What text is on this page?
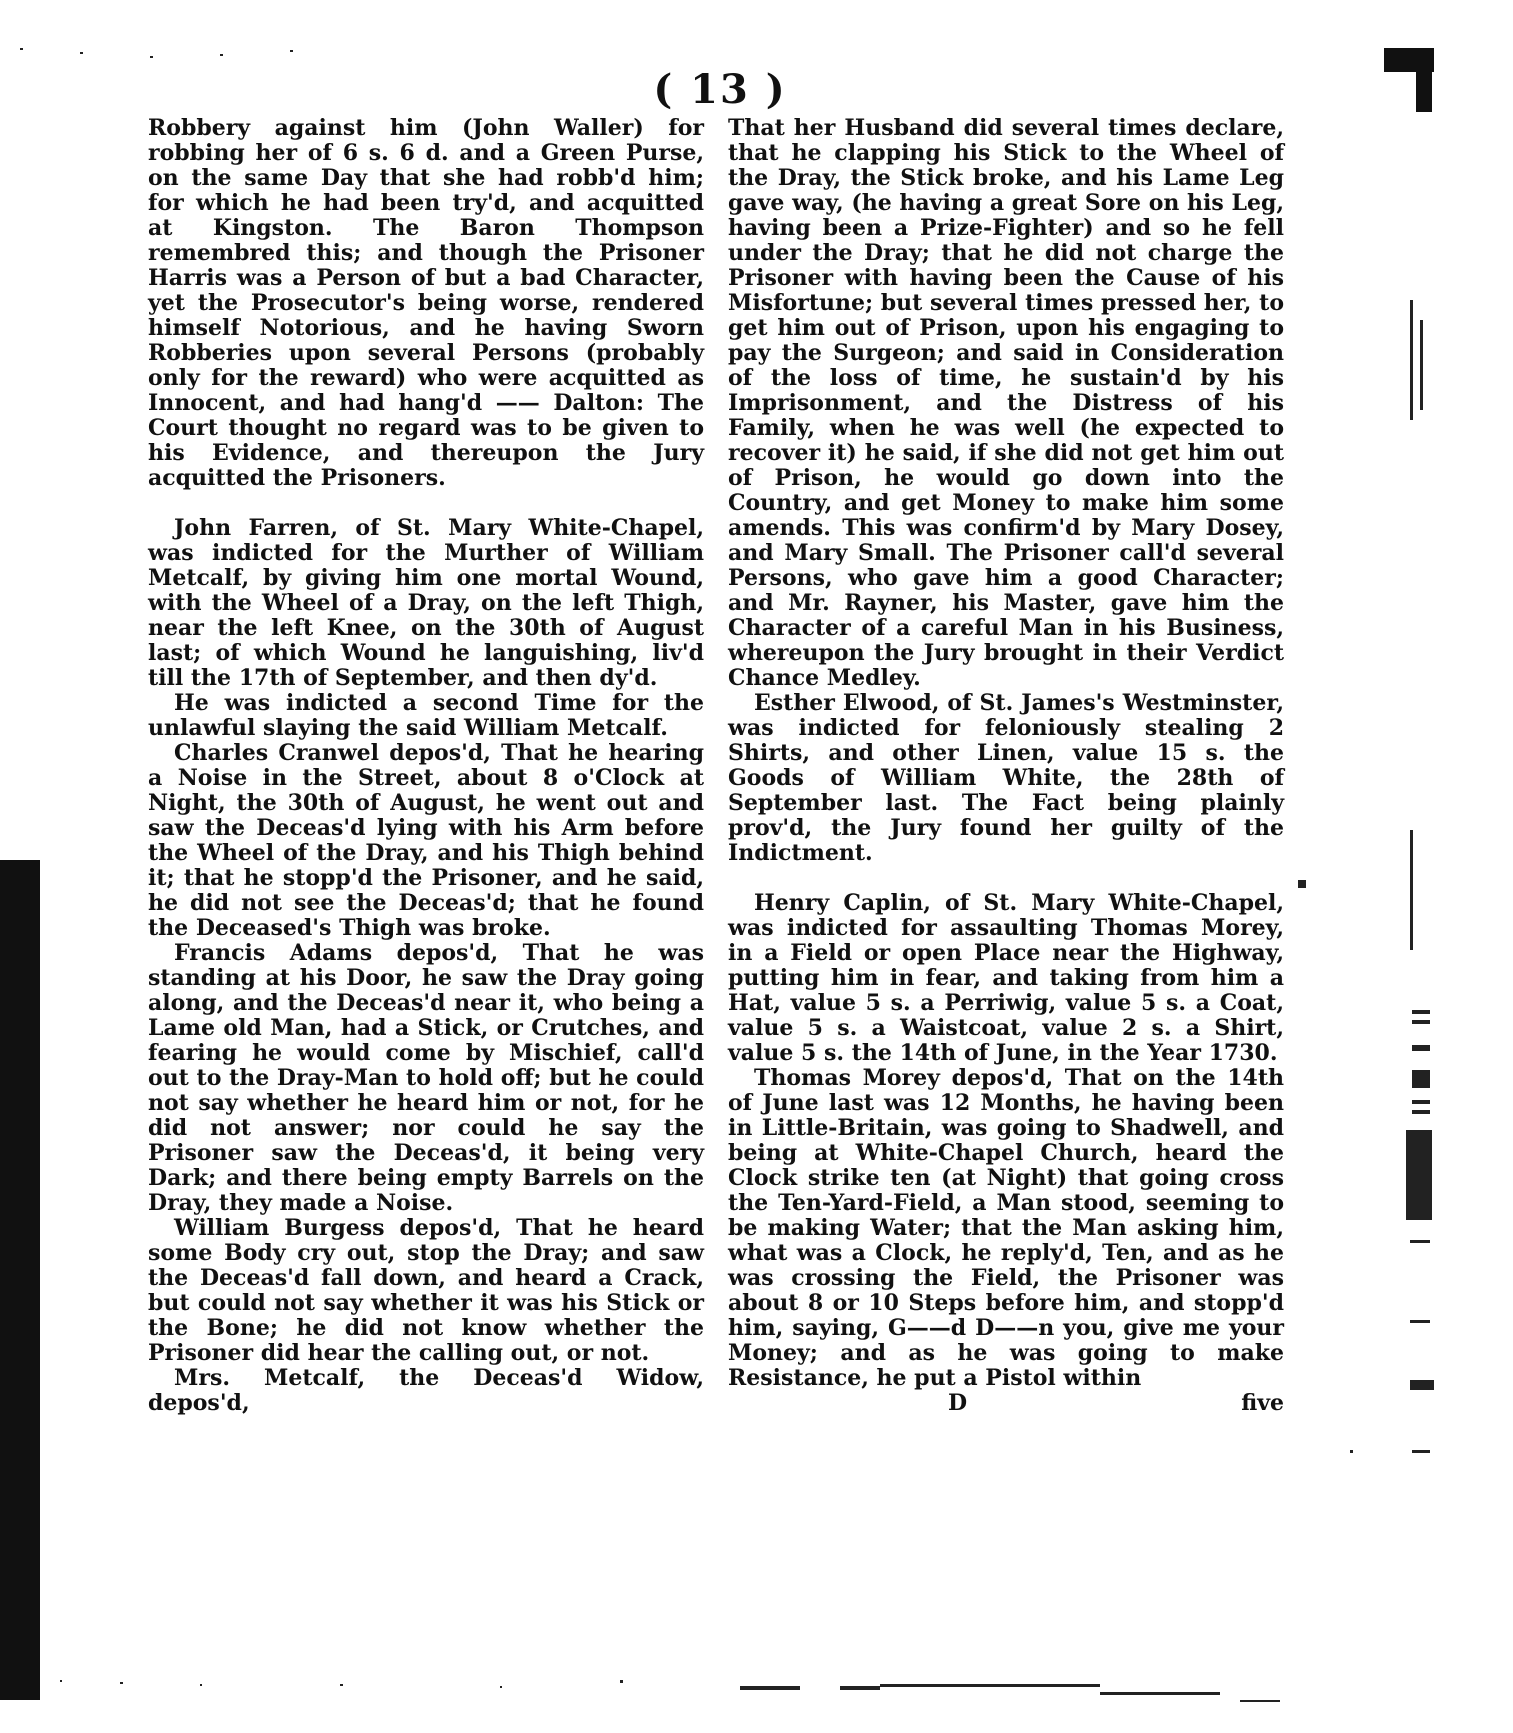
( 13 )

Robbery against him (John Waller) for robbing her of 6 s. 6 d. and a Green Purse, on the same Day that she had robb'd him; for which he had been try'd, and acquitted at Kingston. The Baron Thompson remembred this; and though the Prisoner Harris was a Person of but a bad Character, yet the Prosecutor's being worse, rendered himself Notorious, and he having Sworn Robberies upon several Persons (probably only for the reward) who were acquitted as Innocent, and had hang'd —— Dalton: The Court thought no regard was to be given to his Evidence, and thereupon the Jury acquitted the Prisoners.

John Farren, of St. Mary White-Chapel, was indicted for the Murther of William Metcalf, by giving him one mortal Wound, with the Wheel of a Dray, on the left Thigh, near the left Knee, on the 30th of August last; of which Wound he languishing, liv'd till the 17th of September, and then dy'd.

He was indicted a second Time for the unlawful slaying the said William Metcalf.

Charles Cranwel depos'd, That he hearing a Noise in the Street, about 8 o'Clock at Night, the 30th of August, he went out and saw the Deceas'd lying with his Arm before the Wheel of the Dray, and his Thigh behind it; that he stopp'd the Prisoner, and he said, he did not see the Deceas'd; that he found the Deceased's Thigh was broke.

Francis Adams depos'd, That he was standing at his Door, he saw the Dray going along, and the Deceas'd near it, who being a Lame old Man, had a Stick, or Crutches, and fearing he would come by Mischief, call'd out to the Dray-Man to hold off; but he could not say whether he heard him or not, for he did not answer; nor could he say the Prisoner saw the Deceas'd, it being very Dark; and there being empty Barrels on the Dray, they made a Noise.

William Burgess depos'd, That he heard some Body cry out, stop the Dray; and saw the Deceas'd fall down, and heard a Crack, but could not say whether it was his Stick or the Bone; he did not know whether the Prisoner did hear the calling out, or not.

Mrs. Metcalf, the Deceas'd Widow, depos'd,

That her Husband did several times declare, that he clapping his Stick to the Wheel of the Dray, the Stick broke, and his Lame Leg gave way, (he having a great Sore on his Leg, having been a Prize-Fighter) and so he fell under the Dray; that he did not charge the Prisoner with having been the Cause of his Misfortune; but several times pressed her, to get him out of Prison, upon his engaging to pay the Surgeon; and said in Consideration of the loss of time, he sustain'd by his Imprisonment, and the Distress of his Family, when he was well (he expected to recover it) he said, if she did not get him out of Prison, he would go down into the Country, and get Money to make him some amends. This was confirm'd by Mary Dosey, and Mary Small. The Prisoner call'd several Persons, who gave him a good Character; and Mr. Rayner, his Master, gave him the Character of a careful Man in his Business, whereupon the Jury brought in their Verdict Chance Medley.

Esther Elwood, of St. James's Westminster, was indicted for feloniously stealing 2 Shirts, and other Linen, value 15 s. the Goods of William White, the 28th of September last. The Fact being plainly prov'd, the Jury found her guilty of the Indictment.

Henry Caplin, of St. Mary White-Chapel, was indicted for assaulting Thomas Morey, in a Field or open Place near the Highway, putting him in fear, and taking from him a Hat, value 5 s. a Perriwig, value 5 s. a Coat, value 5 s. a Waistcoat, value 2 s. a Shirt, value 5 s. the 14th of June, in the Year 1730.

Thomas Morey depos'd, That on the 14th of June last was 12 Months, he having been in Little-Britain, was going to Shadwell, and being at White-Chapel Church, heard the Clock strike ten (at Night) that going cross the Ten-Yard-Field, a Man stood, seeming to be making Water; that the Man asking him, what was a Clock, he reply'd, Ten, and as he was crossing the Field, the Prisoner was about 8 or 10 Steps before him, and stopp'd him, saying, G——d D——n you, give me your Money; and as he was going to make Resistance, he put a Pistol within

D	five
